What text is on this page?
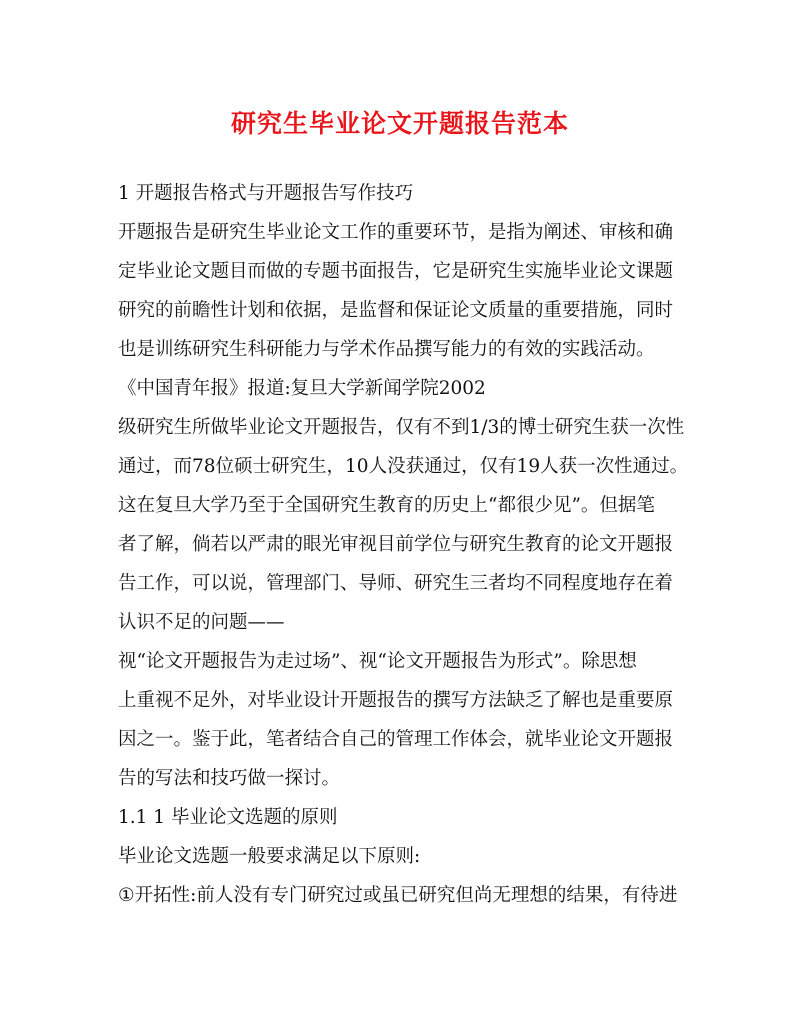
研究生毕业论文开题报告范本
1 开题报告格式与开题报告写作技巧
开题报告是研究生毕业论文工作的重要环节，是指为阐述、审核和确
定毕业论文题目而做的专题书面报告，它是研究生实施毕业论文课题
研究的前瞻性计划和依据，是监督和保证论文质量的重要措施，同时
也是训练研究生科研能力与学术作品撰写能力的有效的实践活动。
《中国青年报》报道:复旦大学新闻学院2002
级研究生所做毕业论文开题报告，仅有不到1/3的博士研究生获一次性
通过，而78位硕士研究生，10人没获通过，仅有19人获一次性通过。
这在复旦大学乃至于全国研究生教育的历史上“都很少见”。但据笔
者了解，倘若以严肃的眼光审视目前学位与研究生教育的论文开题报
告工作，可以说，管理部门、导师、研究生三者均不同程度地存在着
认识不足的问题——
视“论文开题报告为走过场”、视“论文开题报告为形式”。除思想
上重视不足外，对毕业设计开题报告的撰写方法缺乏了解也是重要原
因之一。鉴于此，笔者结合自己的管理工作体会，就毕业论文开题报
告的写法和技巧做一探讨。
1.1 1 毕业论文选题的原则
毕业论文选题一般要求满足以下原则:
①开拓性:前人没有专门研究过或虽已研究但尚无理想的结果，有待进
